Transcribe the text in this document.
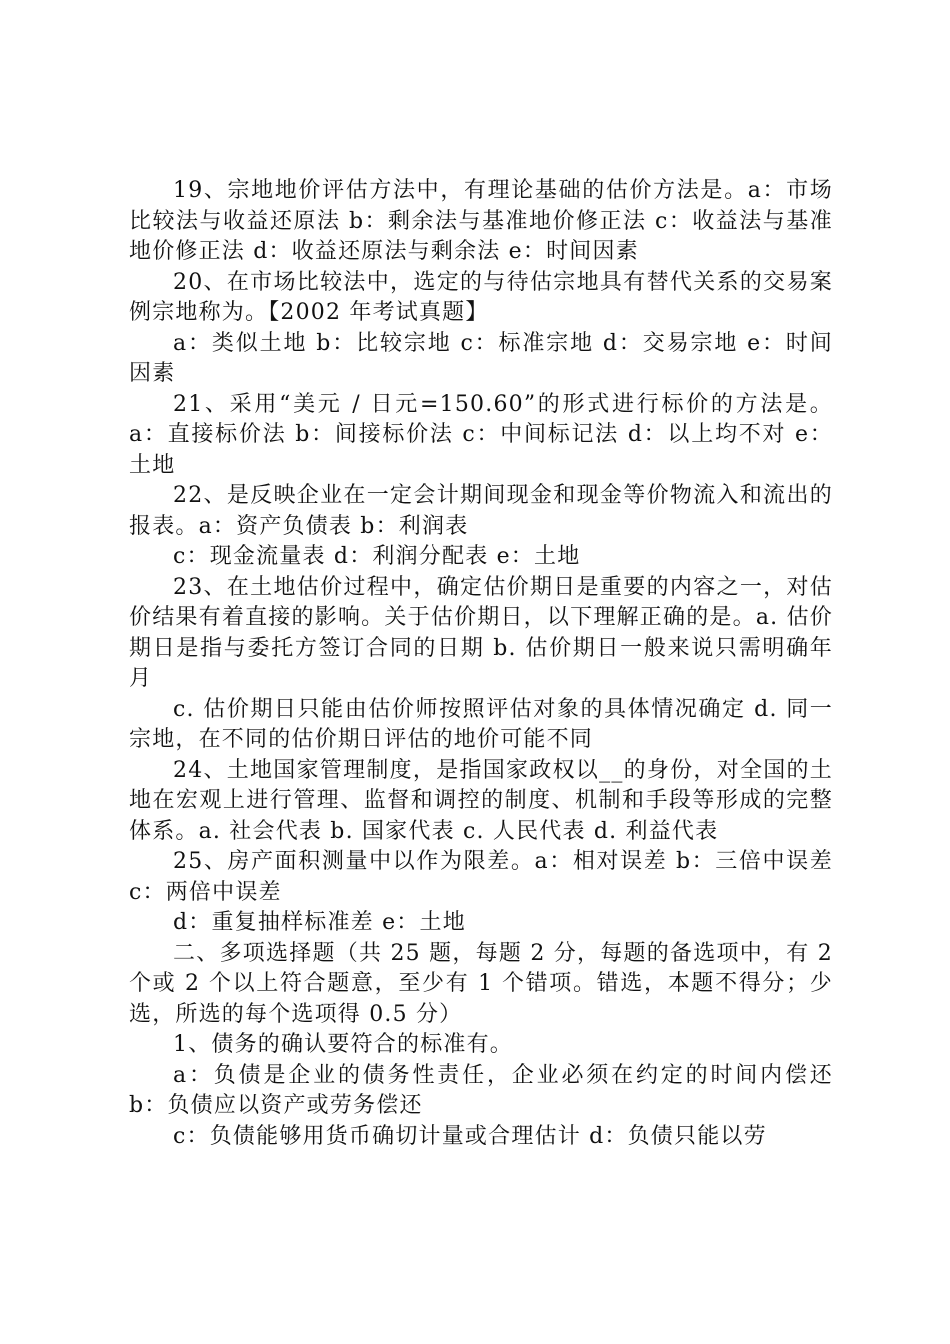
19、宗地地价评估方法中，有理论基础的估价方法是。a：市场比较法与收益还原法 b：剩余法与基准地价修正法 c：收益法与基准地价修正法 d：收益还原法与剩余法 e：时间因素

20、在市场比较法中，选定的与待估宗地具有替代关系的交易案例宗地称为。【2002 年考试真题】

a：类似土地 b：比较宗地 c：标准宗地 d：交易宗地 e：时间因素

21、采用“美元 / 日元=150.60”的形式进行标价的方法是。a：直接标价法 b：间接标价法 c：中间标记法 d：以上均不对 e：土地

22、是反映企业在一定会计期间现金和现金等价物流入和流出的报表。a：资产负债表 b：利润表

c：现金流量表 d：利润分配表 e：土地

23、在土地估价过程中，确定估价期日是重要的内容之一，对估价结果有着直接的影响。关于估价期日，以下理解正确的是。a. 估价期日是指与委托方签订合同的日期 b. 估价期日一般来说只需明确年月

c. 估价期日只能由估价师按照评估对象的具体情况确定 d. 同一宗地，在不同的估价期日评估的地价可能不同

24、土地国家管理制度，是指国家政权以__的身份，对全国的土地在宏观上进行管理、监督和调控的制度、机制和手段等形成的完整体系。a. 社会代表 b. 国家代表 c. 人民代表 d. 利益代表

25、房产面积测量中以作为限差。a：相对误差 b：三倍中误差 c：两倍中误差

d：重复抽样标准差 e：土地

二、多项选择题（共 25 题，每题 2 分，每题的备选项中，有 2 个或 2 个以上符合题意，至少有 1 个错项。错选，本题不得分；少选，所选的每个选项得 0.5 分）

1、债务的确认要符合的标准有。

a：负债是企业的债务性责任，企业必须在约定的时间内偿还 b：负债应以资产或劳务偿还

c：负债能够用货币确切计量或合理估计 d：负债只能以劳
